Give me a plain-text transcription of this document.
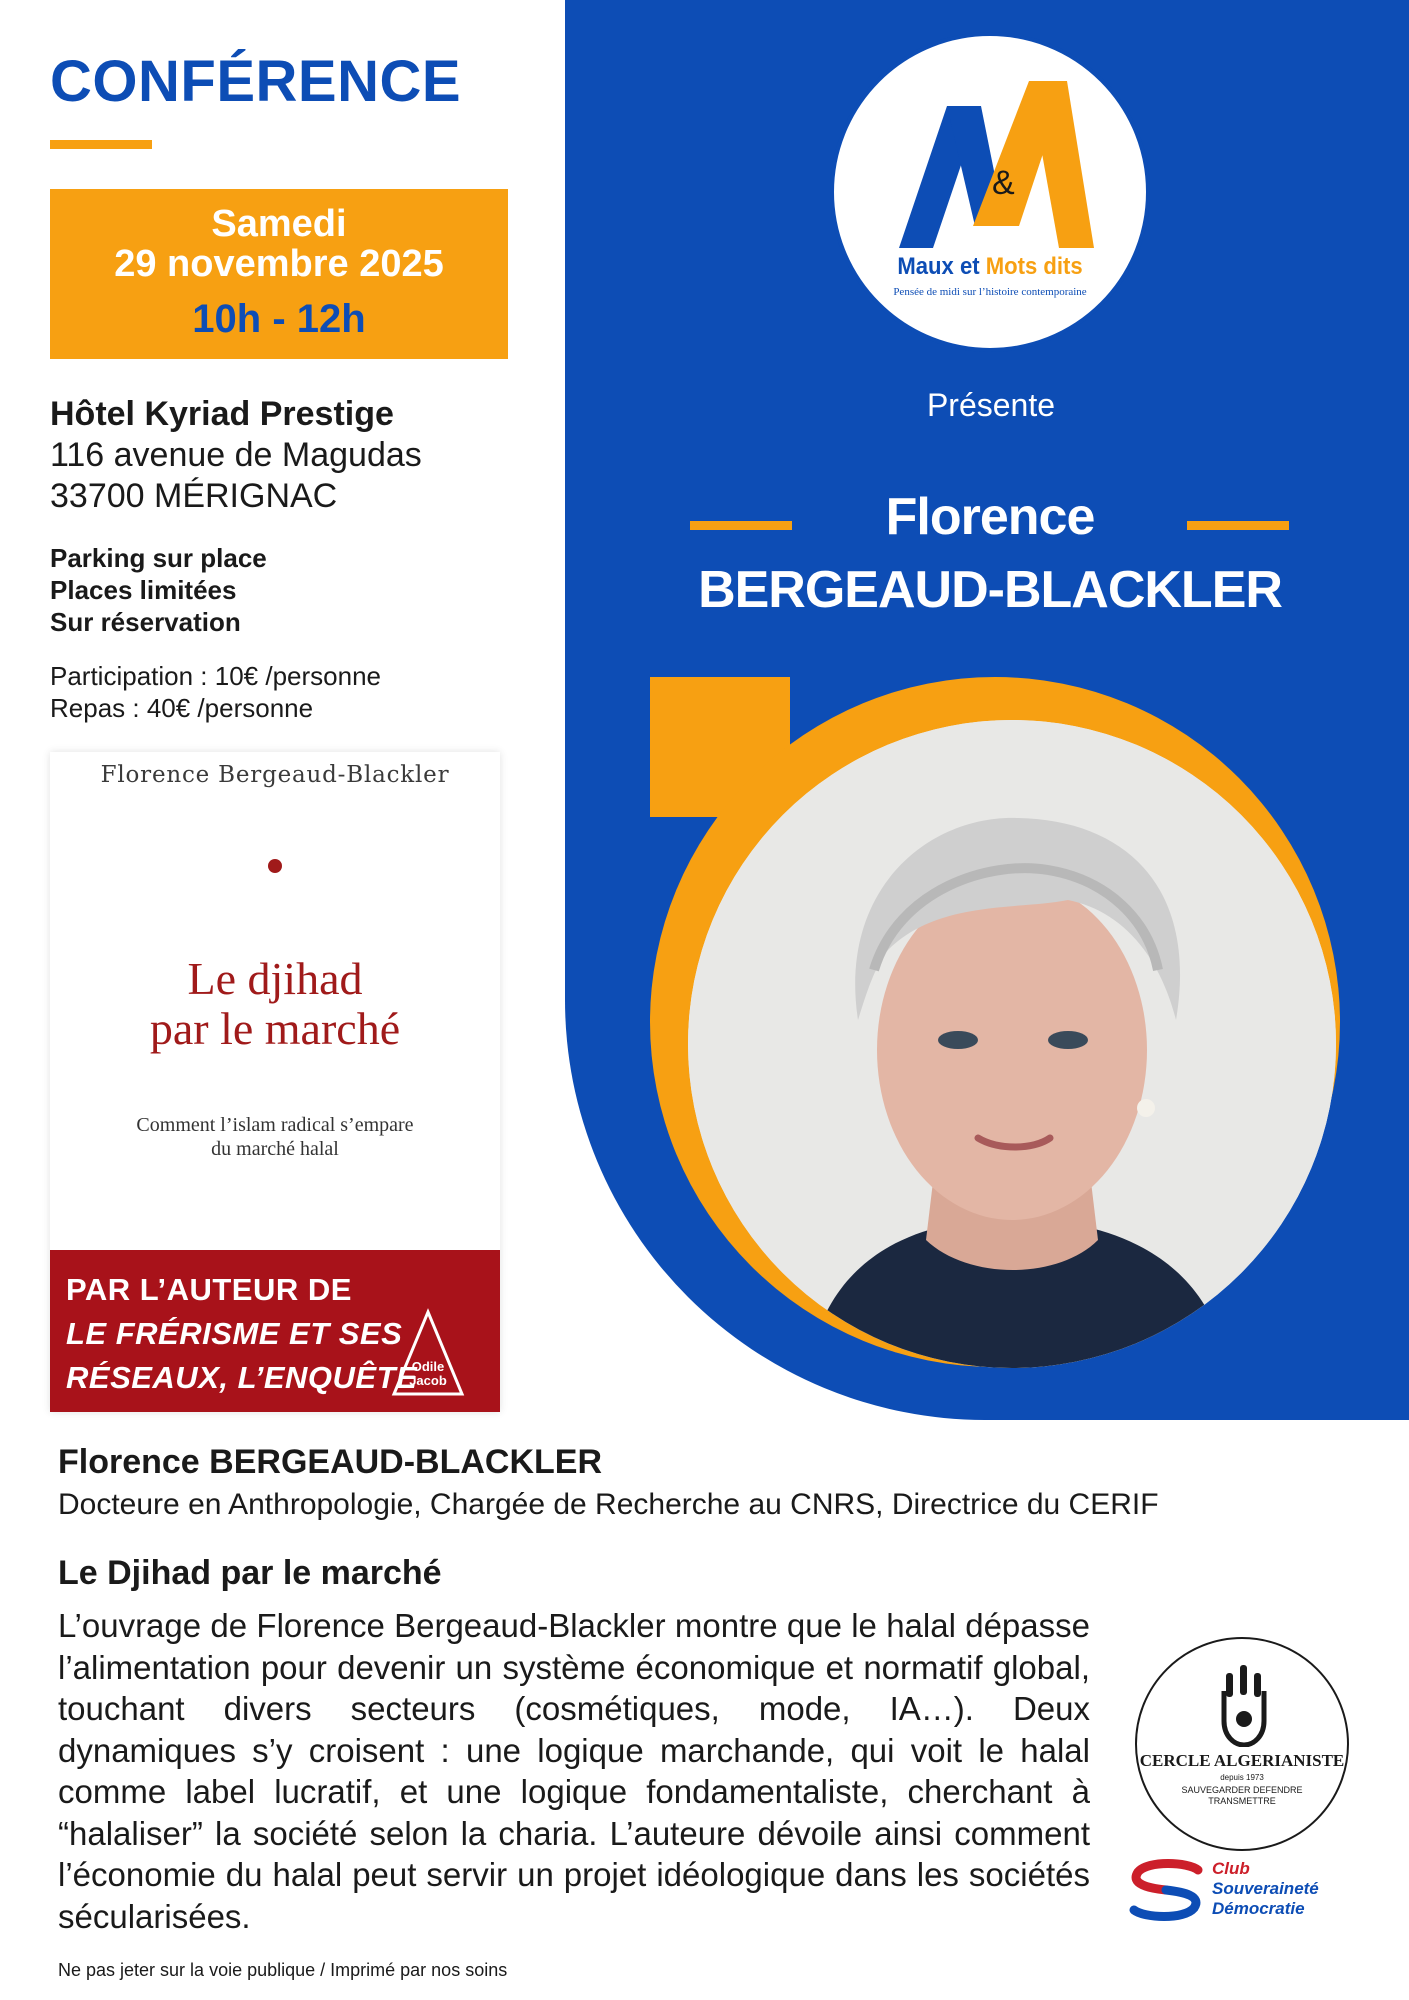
CONFÉRENCE
Samedi
29 novembre 2025
10h - 12h
Hôtel Kyriad Prestige
116 avenue de Magudas
33700 MÉRIGNAC
Parking sur place
Places limitées
Sur réservation
Participation : 10€ /personne
Repas : 40€ /personne
Florence Bergeaud-Blackler
Le djihad
par le marché
Comment l’islam radical s’empare
du marché halal
PAR L’AUTEUR DE
LE FRÉRISME ET SES
RÉSEAUX, L’ENQUÊTE
Odile
Jacob
&
Maux et Mots dits
Pensée de midi sur l’histoire contemporaine
Présente
Florence
BERGEAUD-BLACKLER
Florence BERGEAUD-BLACKLER
Docteure en Anthropologie, Chargée de Recherche au CNRS, Directrice du CERIF
Le Djihad par le marché
L’ouvrage de Florence Bergeaud-Blackler montre que le halal dépasse l’alimentation pour devenir un système économique et normatif global, touchant divers secteurs (cosmétiques, mode, IA…). Deux dynamiques s’y croisent : une logique marchande, qui voit le halal comme label lucratif, et une logique fondamentaliste, cherchant à “halaliser” la société selon la charia. L’auteure dévoile ainsi comment l’économie du halal peut servir un projet idéologique dans les sociétés sécularisées.
Ne pas jeter sur la voie publique / Imprimé par nos soins
CERCLE ALGERIANISTE
depuis 1973
SAUVEGARDER DEFENDRE
TRANSMETTRE
Club
Souveraineté
Démocratie
